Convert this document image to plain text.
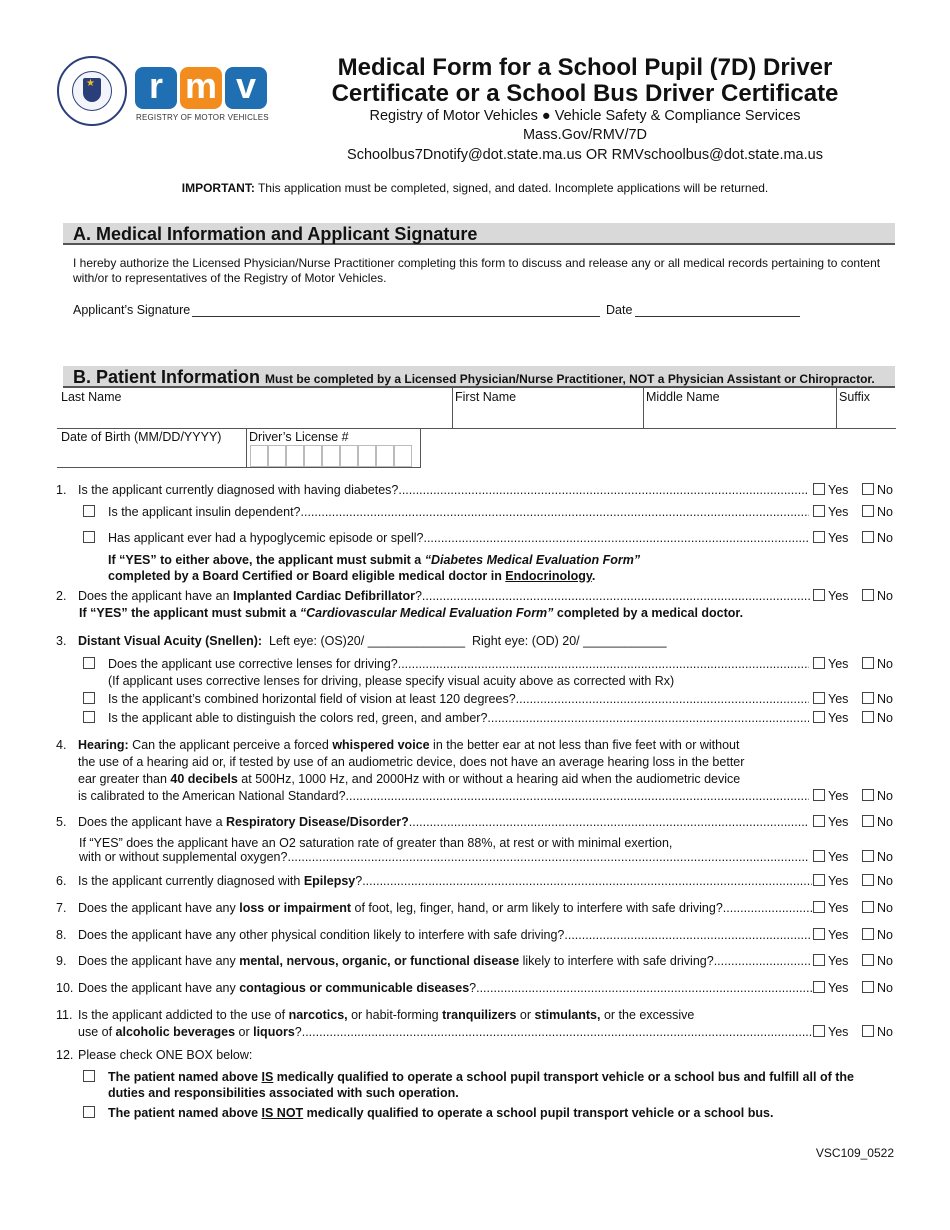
★	r m v
REGISTRY OF MOTOR VEHICLES
Medical Form for a School Pupil (7D) Driver
Certificate or a School Bus Driver Certificate
Registry of Motor Vehicles ● Vehicle Safety & Compliance Services
Mass.Gov/RMV/7D
Schoolbus7Dnotify@dot.state.ma.us OR RMVschoolbus@dot.state.ma.us
IMPORTANT: This application must be completed, signed, and dated. Incomplete applications will be returned.
A. Medical Information and Applicant Signature
I hereby authorize the Licensed Physician/Nurse Practitioner completing this form to discuss and release any or all medical records pertaining to content with/or to representatives of the Registry of Motor Vehicles.
Applicant’s Signature	Date
B. Patient Information Must be completed by a Licensed Physician/Nurse Practitioner, NOT a Physician Assistant or Chiropractor.
Last Name	First Name	Middle Name	Suffix
Date of Birth (MM/DD/YYYY) Driver’s License #
1. Is the applicant currently diagnosed with having diabetes? .....	Yes	No
Is the applicant insulin dependent? .....	Yes	No
Has applicant ever had a hypoglycemic episode or spell? .....	Yes	No
If “YES” to either above, the applicant must submit a “Diabetes Medical Evaluation Form”
completed by a Board Certified or Board eligible medical doctor in Endocrinology.
2. Does the applicant have an Implanted Cardiac Defibrillator? .....	Yes	No
If “YES” the applicant must submit a “Cardiovascular Medical Evaluation Form” completed by a medical doctor.
3. Distant Visual Acuity (Snellen): Left eye: (OS)20/ ______________ Right eye: (OD) 20/ ____________
Does the applicant use corrective lenses for driving? .....	Yes	No
(If applicant uses corrective lenses for driving, please specify visual acuity above as corrected with Rx)
Is the applicant’s combined horizontal field of vision at least 120 degrees? .....	Yes	No
Is the applicant able to distinguish the colors red, green, and amber? .....	Yes	No
4. Hearing: Can the applicant perceive a forced whispered voice in the better ear at not less than five feet with or without
the use of a hearing aid or, if tested by use of an audiometric device, does not have an average hearing loss in the better
ear greater than 40 decibels at 500Hz, 1000 Hz, and 2000Hz with or without a hearing aid when the audiometric device
is calibrated to the American National Standard? .....	Yes	No
5. Does the applicant have a Respiratory Disease/Disorder? .....	Yes	No
If “YES” does the applicant have an O2 saturation rate of greater than 88%, at rest or with minimal exertion,
with or without supplemental oxygen? .....	Yes	No
6. Is the applicant currently diagnosed with Epilepsy? .....	Yes	No
7. Does the applicant have any loss or impairment of foot, leg, finger, hand, or arm likely to interfere with safe driving? .....	Yes	No
8. Does the applicant have any other physical condition likely to interfere with safe driving? .....	Yes	No
9. Does the applicant have any mental, nervous, organic, or functional disease likely to interfere with safe driving? .....	Yes	No
10. Does the applicant have any contagious or communicable diseases? .....	Yes	No
11. Is the applicant addicted to the use of narcotics, or habit-forming tranquilizers or stimulants, or the excessive
use of alcoholic beverages or liquors? .....	Yes	No
12. Please check ONE BOX below:
The patient named above IS medically qualified to operate a school pupil transport vehicle or a school bus and fulfill all of the
duties and responsibilities associated with such operation.
The patient named above IS NOT medically qualified to operate a school pupil transport vehicle or a school bus.
VSC109_0522
